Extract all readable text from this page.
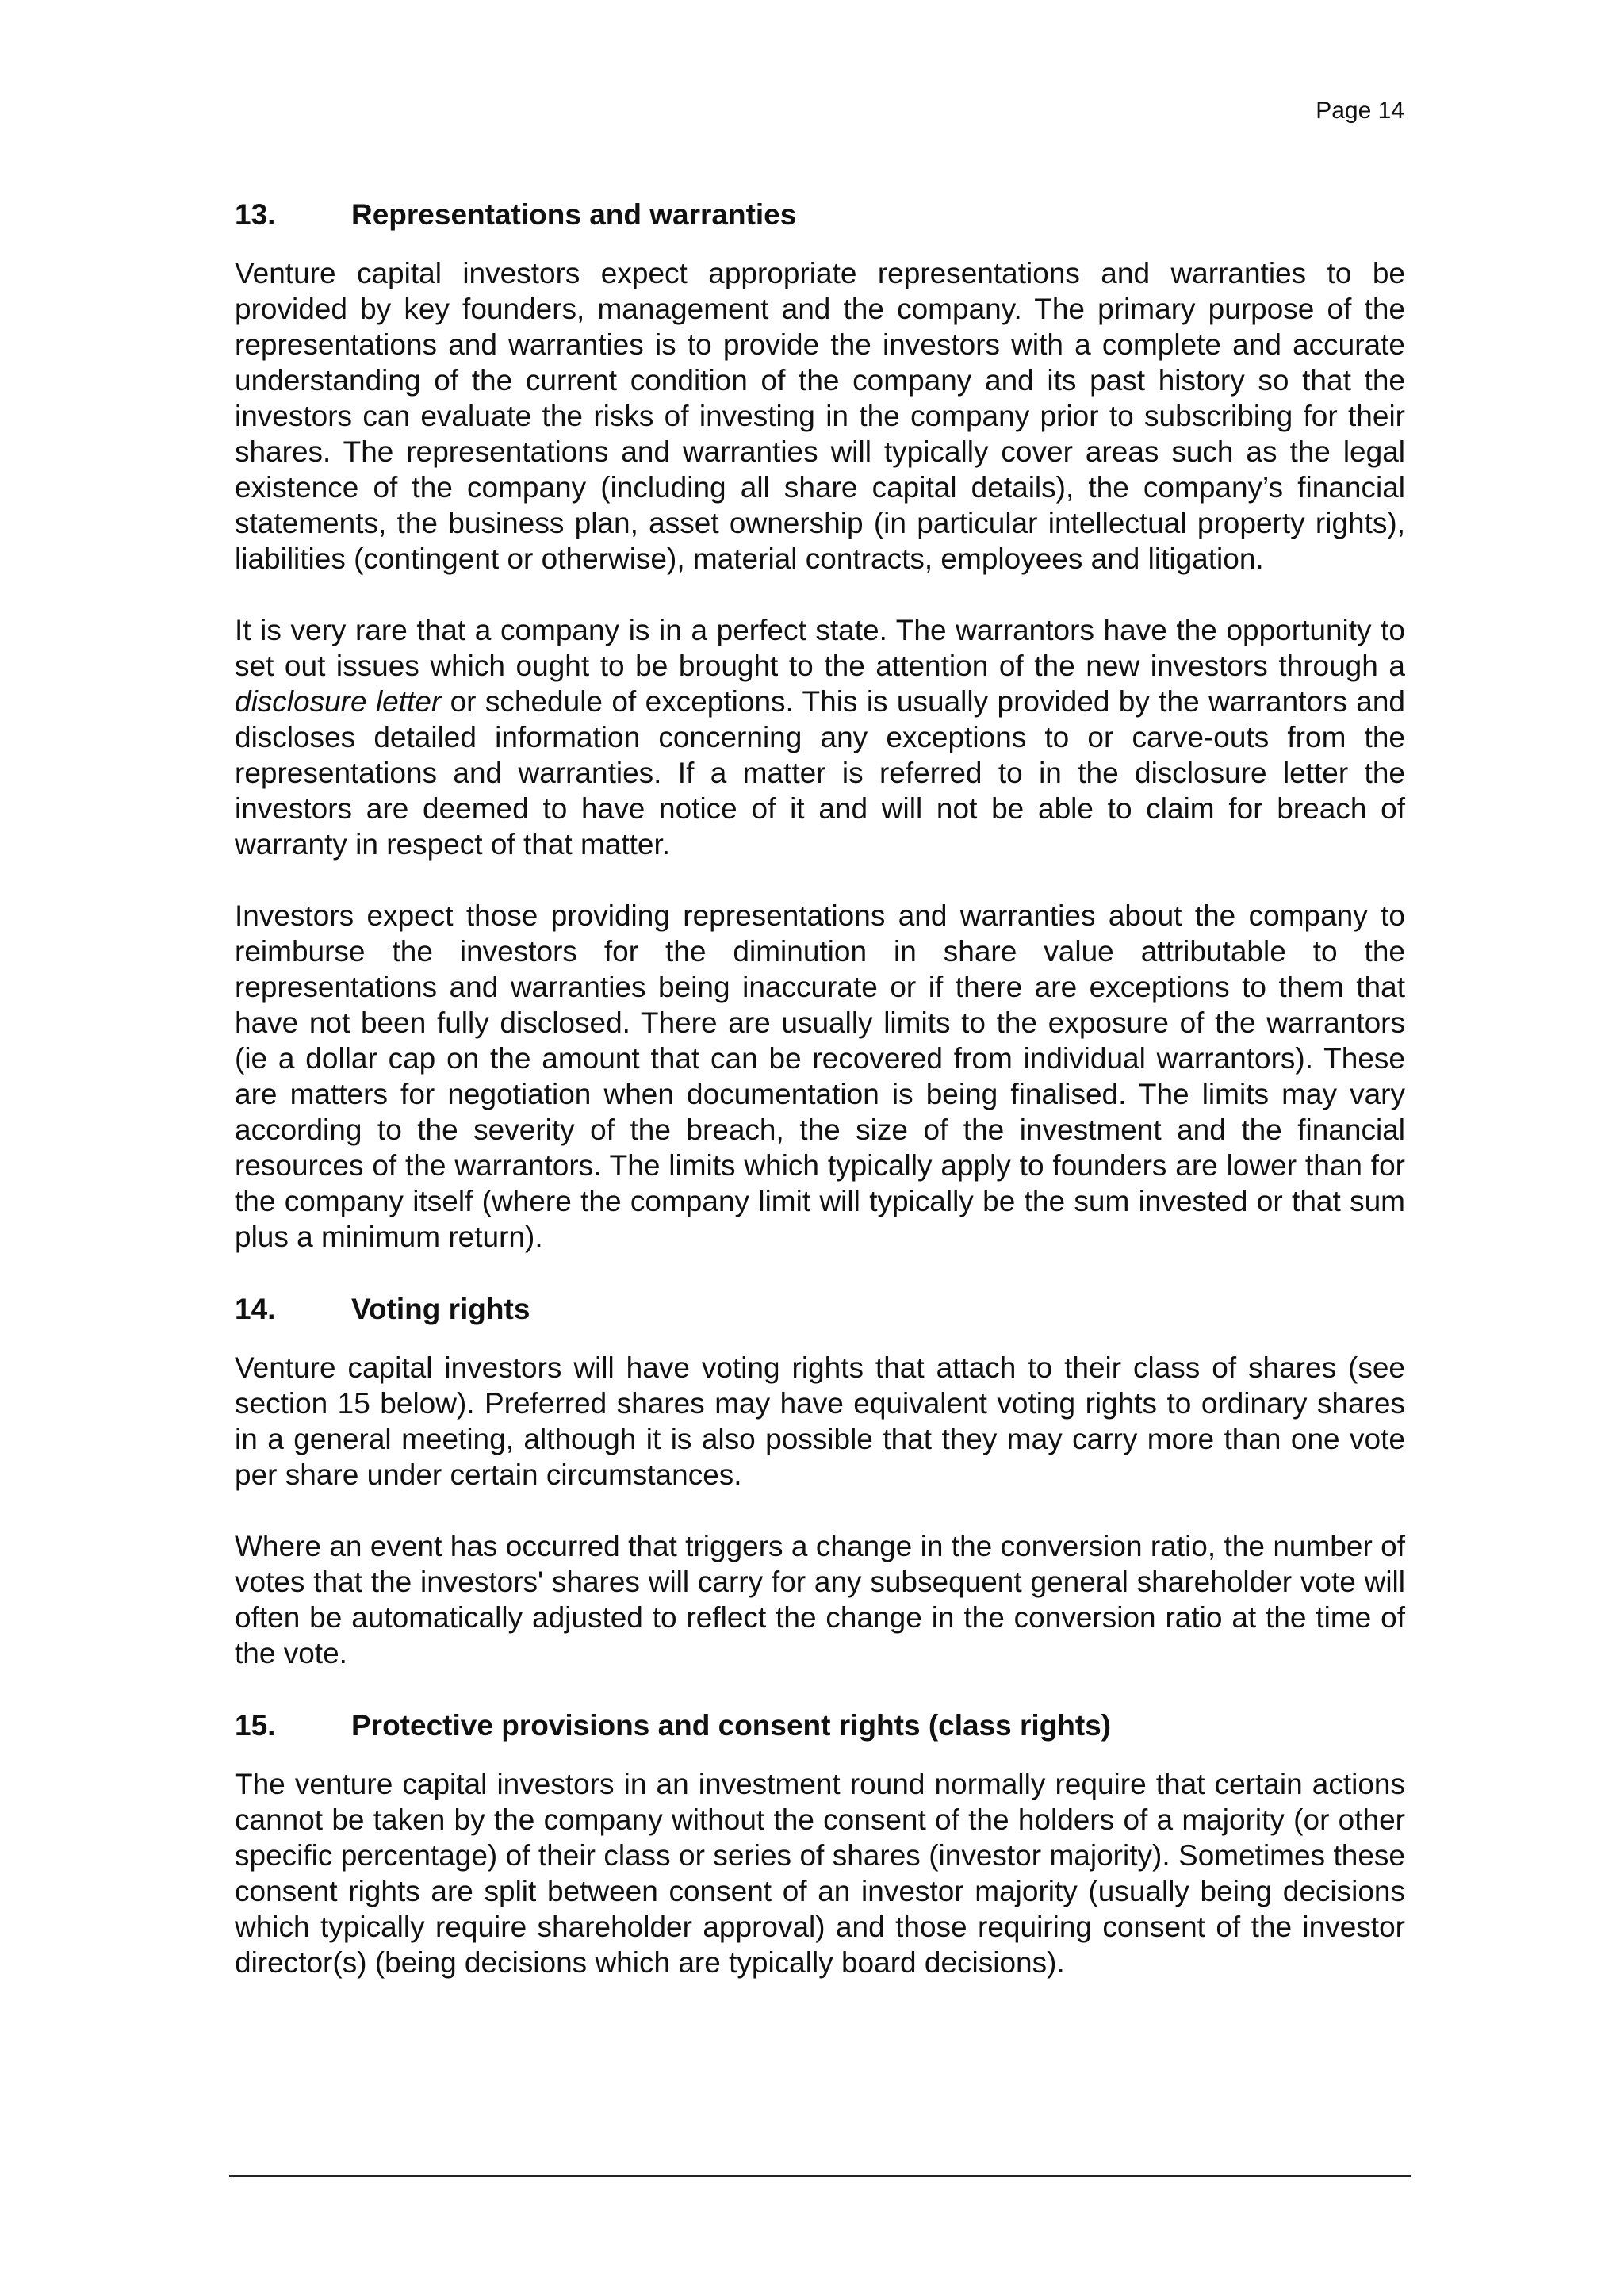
Page 14
13.	Representations and warranties

Venture capital investors expect appropriate representations and warranties to be provided by key founders, management and the company. The primary purpose of the representations and warranties is to provide the investors with a complete and accurate understanding of the current condition of the company and its past history so that the investors can evaluate the risks of investing in the company prior to subscribing for their shares. The representations and warranties will typically cover areas such as the legal existence of the company (including all share capital details), the company’s financial statements, the business plan, asset ownership (in particular intellectual property rights), liabilities (contingent or otherwise), material contracts, employees and litigation.

It is very rare that a company is in a perfect state. The warrantors have the opportunity to set out issues which ought to be brought to the attention of the new investors through a disclosure letter or schedule of exceptions. This is usually provided by the warrantors and discloses detailed information concerning any exceptions to or carve-outs from the representations and warranties. If a matter is referred to in the disclosure letter the investors are deemed to have notice of it and will not be able to claim for breach of warranty in respect of that matter.

Investors expect those providing representations and warranties about the company to reimburse the investors for the diminution in share value attributable to the representations and warranties being inaccurate or if there are exceptions to them that have not been fully disclosed. There are usually limits to the exposure of the warrantors (ie a dollar cap on the amount that can be recovered from individual warrantors). These are matters for negotiation when documentation is being finalised. The limits may vary according to the severity of the breach, the size of the investment and the financial resources of the warrantors. The limits which typically apply to founders are lower than for the company itself (where the company limit will typically be the sum invested or that sum plus a minimum return).

14.	Voting rights

Venture capital investors will have voting rights that attach to their class of shares (see section 15 below). Preferred shares may have equivalent voting rights to ordinary shares in a general meeting, although it is also possible that they may carry more than one vote per share under certain circumstances.

Where an event has occurred that triggers a change in the conversion ratio, the number of votes that the investors' shares will carry for any subsequent general shareholder vote will often be automatically adjusted to reflect the change in the conversion ratio at the time of the vote.

15.	Protective provisions and consent rights (class rights)

The venture capital investors in an investment round normally require that certain actions cannot be taken by the company without the consent of the holders of a majority (or other specific percentage) of their class or series of shares (investor majority). Sometimes these consent rights are split between consent of an investor majority (usually being decisions which typically require shareholder approval) and those requiring consent of the investor director(s) (being decisions which are typically board decisions).
